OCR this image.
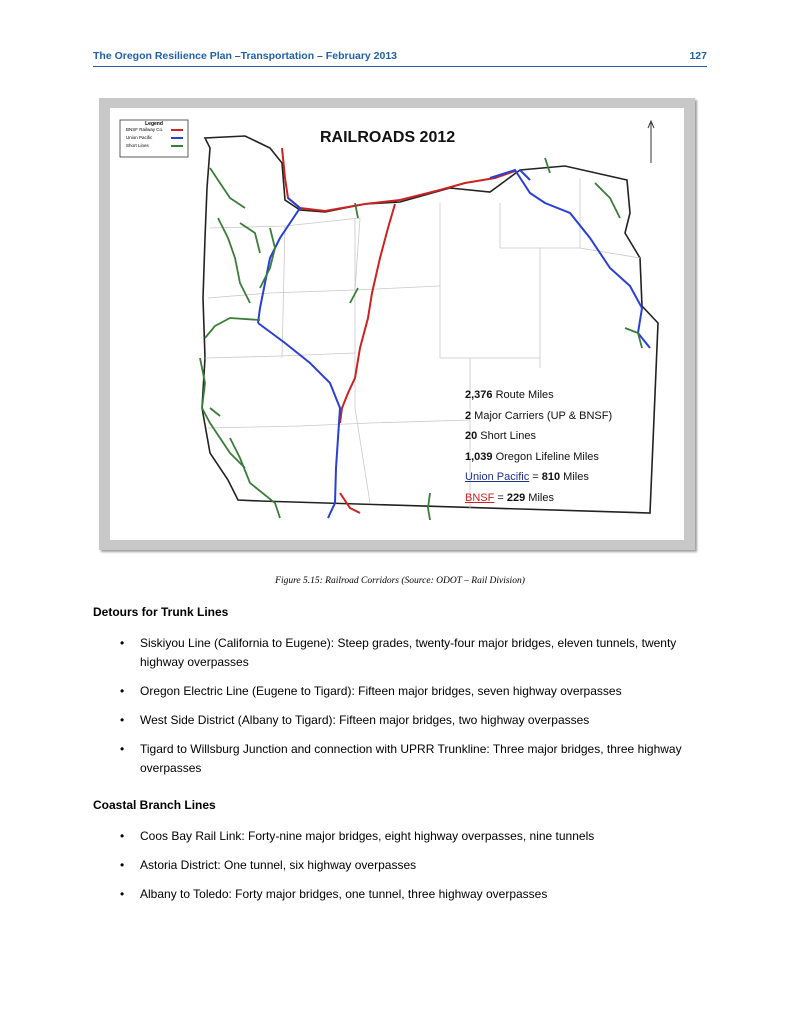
The Oregon Resilience Plan –Transportation – February 2013	127
Legend
BNSF Railway Co.
Union Pacific
Short Lines	RAILROADS 2012
2,376 Route Miles
2 Major Carriers (UP & BNSF)
20 Short Lines
1,039 Oregon Lifeline Miles
Union Pacific = 810 Miles
BNSF = 229 Miles
Figure 5.15: Railroad Corridors (Source: ODOT – Rail Division)
Detours for Trunk Lines
• Siskiyou Line (California to Eugene): Steep grades, twenty-four major bridges, eleven tunnels, twenty highway overpasses
• Oregon Electric Line (Eugene to Tigard): Fifteen major bridges, seven highway overpasses
• West Side District (Albany to Tigard): Fifteen major bridges, two highway overpasses
• Tigard to Willsburg Junction and connection with UPRR Trunkline: Three major bridges, three highway overpasses
Coastal Branch Lines
• Coos Bay Rail Link: Forty-nine major bridges, eight highway overpasses, nine tunnels
• Astoria District: One tunnel, six highway overpasses
• Albany to Toledo: Forty major bridges, one tunnel, three highway overpasses
